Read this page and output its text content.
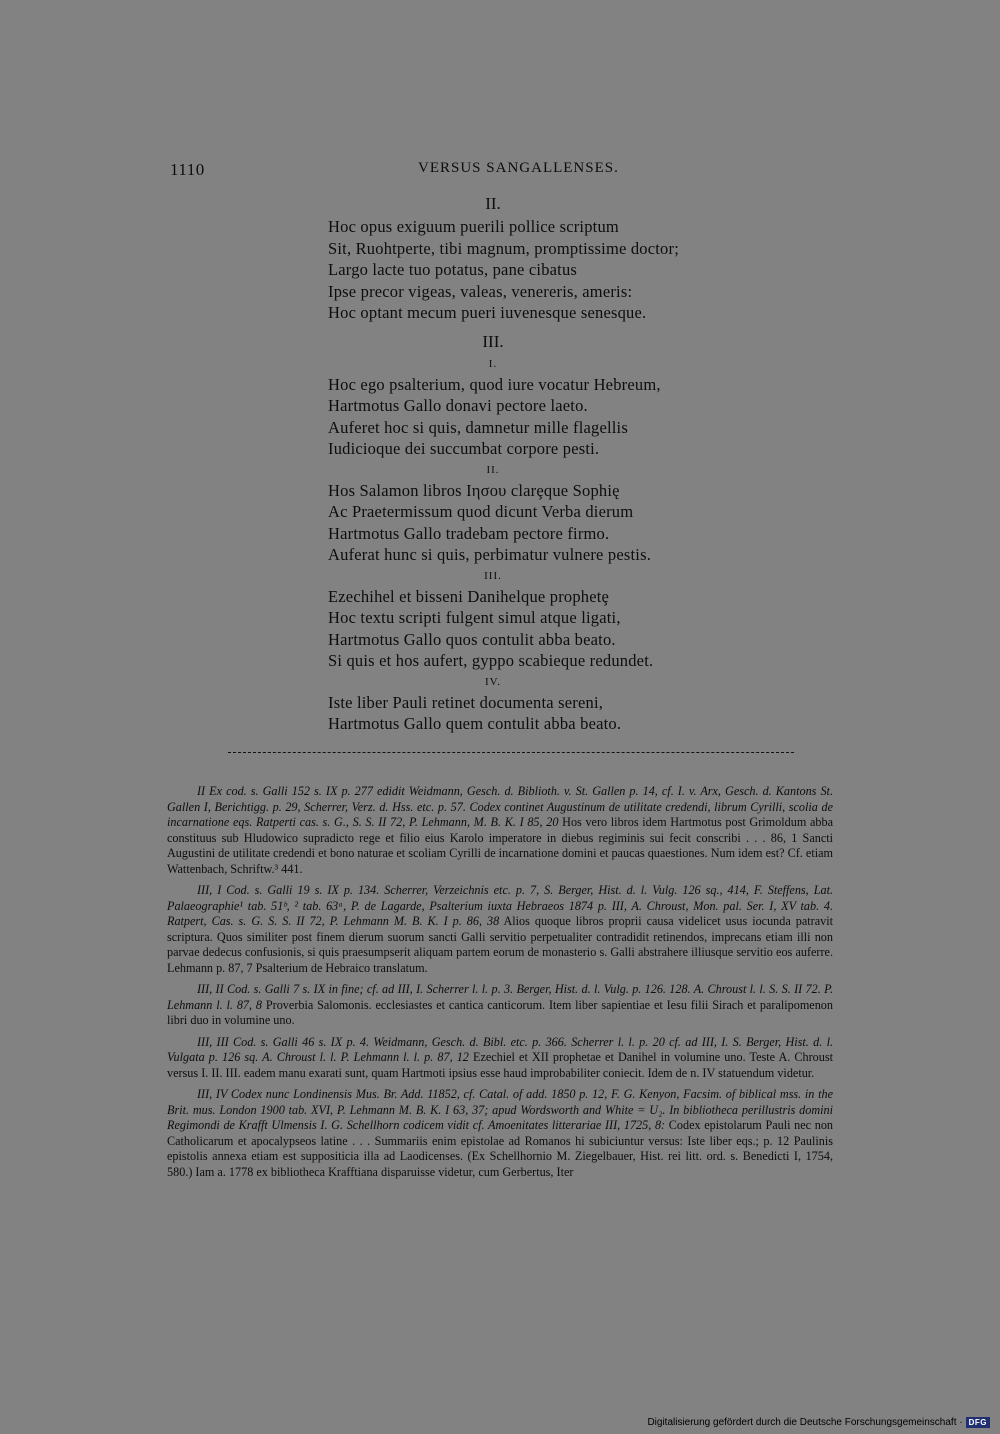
1110	VERSUS SANGALLENSES.
II.
Hoc opus exiguum puerili pollice scriptum
Sit, Ruohtperte, tibi magnum, promptissime doctor;
Largo lacte tuo potatus, pane cibatus
Ipse precor vigeas, valeas, venereris, ameris:
Hoc optant mecum pueri iuvenesque senesque.
III.
I.
Hoc ego psalterium, quod iure vocatur Hebreum,
Hartmotus Gallo donavi pectore laeto.
Auferet hoc si quis, damnetur mille flagellis
Iudicioque dei succumbat corpore pesti.
II.
Hos Salamon libros Ιησου clarȩque Sophię
Ac Praetermissum quod dicunt Verba dierum
Hartmotus Gallo tradebam pectore firmo.
Auferat hunc si quis, perbimatur vulnere pestis.
III.
Ezechihel et bisseni Danihelque prophetȩ
Hoc textu scripti fulgent simul atque ligati,
Hartmotus Gallo quos contulit abba beato.
Si quis et hos aufert, gyppo scabieque redundet.
IV.
Iste liber Pauli retinet documenta sereni,
Hartmotus Gallo quem contulit abba beato.

II Ex cod. s. Galli 152 s. IX p. 277 edidit Weidmann, Gesch. d. Biblioth. v. St. Gallen p. 14, cf. I. v. Arx, Gesch. d. Kantons St. Gallen I, Berichtigg. p. 29, Scherrer, Verz. d. Hss. etc. p. 57. Codex continet Augustinum de utilitate credendi, librum Cyrilli, scolia de incarnatione eqs. Ratperti cas. s. G., S. S. II 72, P. Lehmann, M. B. K. I 85, 20 Hos vero libros idem Hartmotus post Grimoldum abba constituus sub Hludowico supradicto rege et filio eius Karolo imperatore in diebus regiminis sui fecit conscribi . . . 86, 1 Sancti Augustini de utilitate credendi et bono naturae et scoliam Cyrilli de incarnatione domini et paucas quaestiones. Num idem est? Cf. etiam Wattenbach, Schriftw.³ 441.

III, I Cod. s. Galli 19 s. IX p. 134. Scherrer, Verzeichnis etc. p. 7, S. Berger, Hist. d. l. Vulg. 126 sq., 414, F. Steffens, Lat. Palaeographie¹ tab. 51ᵇ, ² tab. 63ᵃ, P. de Lagarde, Psalterium iuxta Hebraeos 1874 p. III, A. Chroust, Mon. pal. Ser. I, XV tab. 4. Ratpert, Cas. s. G. S. S. II 72, P. Lehmann M. B. K. I p. 86, 38 Alios quoque libros proprii causa videlicet usus iocunda patravit scriptura. Quos similiter post finem dierum suorum sancti Galli servitio perpetualiter contradidit retinendos, imprecans etiam illi non parvae dedecus confusionis, si quis praesumpserit aliquam partem eorum de monasterio s. Galli abstrahere illiusque servitio eos auferre. Lehmann p. 87, 7 Psalterium de Hebraico translatum.

III, II Cod. s. Galli 7 s. IX in fine; cf. ad III, I. Scherrer l. l. p. 3. Berger, Hist. d. l. Vulg. p. 126. 128. A. Chroust l. l. S. S. II 72. P. Lehmann l. l. 87, 8 Proverbia Salomonis. ecclesiastes et cantica canticorum. Item liber sapientiae et Iesu filii Sirach et paralipomenon libri duo in volumine uno.

III, III Cod. s. Galli 46 s. IX p. 4. Weidmann, Gesch. d. Bibl. etc. p. 366. Scherrer l. l. p. 20 cf. ad III, I. S. Berger, Hist. d. l. Vulgata p. 126 sq. A. Chroust l. l. P. Lehmann l. l. p. 87, 12 Ezechiel et XII prophetae et Danihel in volumine uno. Teste A. Chroust versus I. II. III. eadem manu exarati sunt, quam Hartmoti ipsius esse haud improbabiliter coniecit. Idem de n. IV statuendum videtur.

III, IV Codex nunc Londinensis Mus. Br. Add. 11852, cf. Catal. of add. 1850 p. 12, F. G. Kenyon, Facsim. of biblical mss. in the Brit. mus. London 1900 tab. XVI, P. Lehmann M. B. K. I 63, 37; apud Wordsworth and White = U₂. In bibliotheca perillustris domini Regimondi de Krafft Ulmensis I. G. Schellhorn codicem vidit cf. Amoenitates litterariae III, 1725, 8: Codex epistolarum Pauli nec non Catholicarum et apocalypseos latine . . . Summariis enim epistolae ad Romanos hi subiciuntur versus: Iste liber eqs.; p. 12 Paulinis epistolis annexa etiam est suppositicia illa ad Laodicenses. (Ex Schellhornio M. Ziegelbauer, Hist. rei litt. ord. s. Benedicti I, 1754, 580.) Iam a. 1778 ex bibliotheca Krafftiana disparuisse videtur, cum Gerbertus, Iter

Digitalisierung gefördert durch die Deutsche Forschungsgemeinschaft · DFG
